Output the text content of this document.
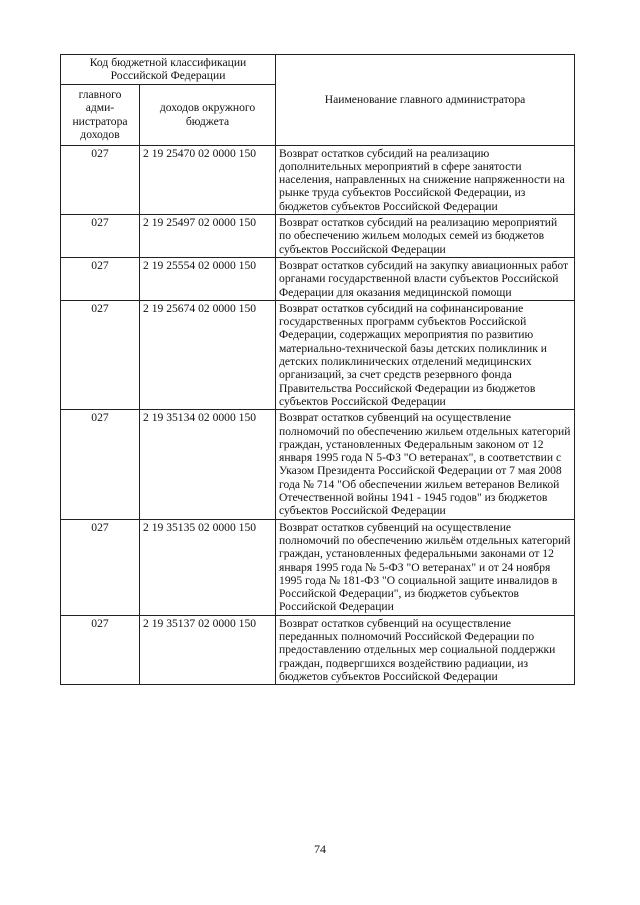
Код бюджетной классификации Российской Федерации		Наименование главного администратора
главного адми-нистратора доходов	доходов окружного бюджета	
027	2 19 25470 02 0000 150	Возврат остатков субсидий на реализацию дополнительных мероприятий в сфере занятости населения, направленных на снижение напряженности на рынке труда субъектов Российской Федерации, из бюджетов субъектов Российской Федерации
027	2 19 25497 02 0000 150	Возврат остатков субсидий на реализацию мероприятий по обеспечению жильем молодых семей из бюджетов субъектов Российской Федерации
027	2 19 25554 02 0000 150	Возврат остатков субсидий на закупку авиационных работ органами государственной власти субъектов Российской Федерации для оказания медицинской помощи
027	2 19 25674 02 0000 150	Возврат остатков субсидий на софинансирование государственных программ субъектов Российской Федерации, содержащих мероприятия по развитию материально-технической базы детских поликлиник и детских поликлинических отделений медицинских организаций, за счет средств резервного фонда Правительства Российской Федерации из бюджетов субъектов Российской Федерации
027	2 19 35134 02 0000 150	Возврат остатков субвенций на осуществление полномочий по обеспечению жильем отдельных категорий граждан, установленных Федеральным законом от 12 января 1995 года N 5-ФЗ "О ветеранах", в соответствии с Указом Президента Российской Федерации от 7 мая 2008 года № 714 "Об обеспечении жильем ветеранов Великой Отечественной войны 1941 - 1945 годов" из бюджетов субъектов Российской Федерации
027	2 19 35135 02 0000 150	Возврат остатков субвенций на осуществление полномочий по обеспечению жильём отдельных категорий граждан, установленных федеральными законами от 12 января 1995 года № 5-ФЗ "О ветеранах" и от 24 ноября 1995 года № 181-ФЗ "О социальной защите инвалидов в Российской Федерации", из бюджетов субъектов Российской Федерации
027	2 19 35137 02 0000 150	Возврат остатков субвенций на осуществление переданных полномочий Российской Федерации по предоставлению отдельных мер социальной поддержки граждан, подвергшихся воздействию радиации, из бюджетов субъектов Российской Федерации
74
